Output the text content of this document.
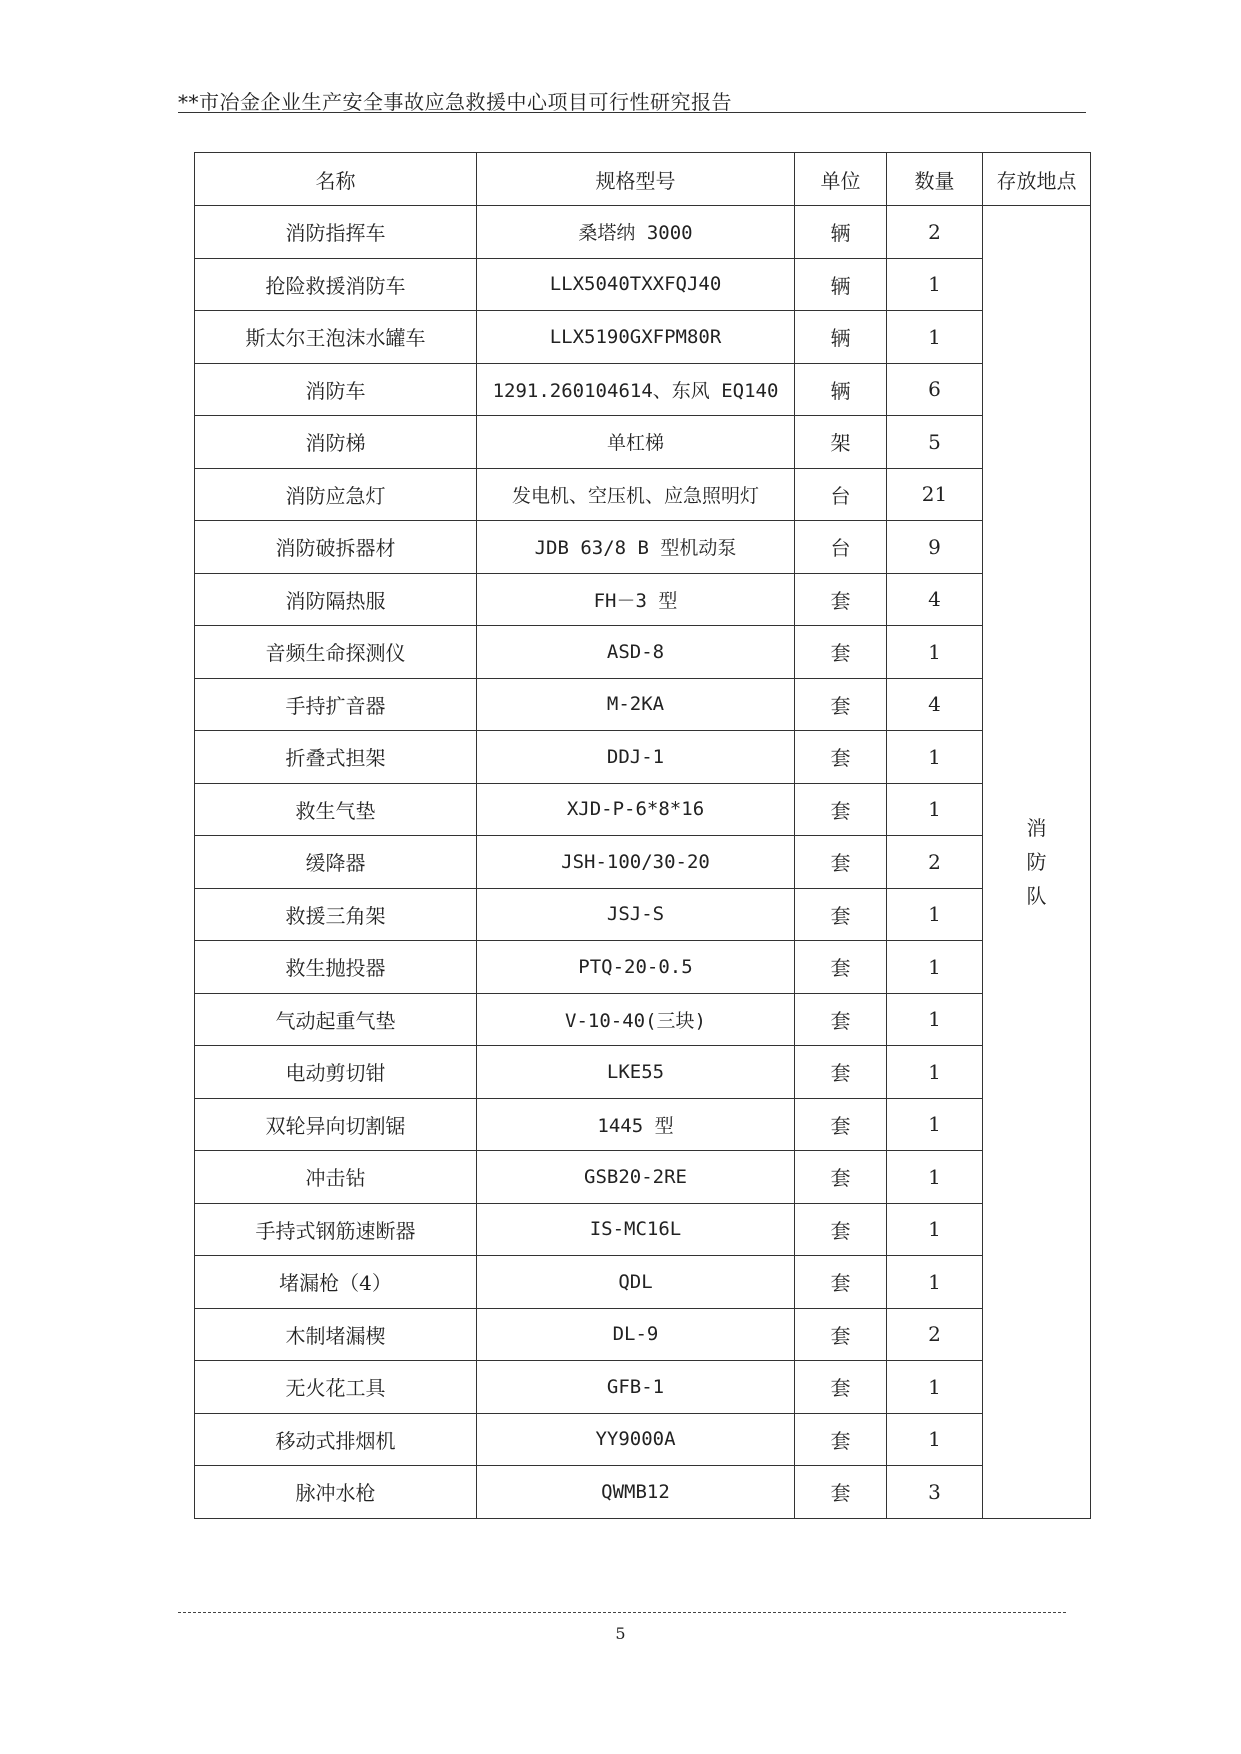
**市冶金企业生产安全事故应急救援中心项目可行性研究报告
名称	规格型号	单位	数量	存放地点
消防指挥车	桑塔纳 3000	辆	2	消防队
抢险救援消防车	LLX5040TXXFQJ40	辆	1	
斯太尔王泡沫水罐车	LLX5190GXFPM80R	辆	1	
消防车	1291.260104614、东风 EQ140	辆	6	
消防梯	单杠梯	架	5	
消防应急灯	发电机、空压机、应急照明灯	台	21	
消防破拆器材	JDB 63/8 B 型机动泵	台	9	
消防隔热服	FH－3 型	套	4	
音频生命探测仪	ASD-8	套	1	
手持扩音器	M-2KA	套	4	
折叠式担架	DDJ-1	套	1	
救生气垫	XJD-P-6*8*16	套	1	
缓降器	JSH-100/30-20	套	2	
救援三角架	JSJ-S	套	1	
救生抛投器	PTQ-20-0.5	套	1	
气动起重气垫	V-10-40(三块)	套	1	
电动剪切钳	LKE55	套	1	
双轮异向切割锯	1445 型	套	1	
冲击钻	GSB20-2RE	套	1	
手持式钢筋速断器	IS-MC16L	套	1	
堵漏枪（4）	QDL	套	1	
木制堵漏楔	DL-9	套	2	
无火花工具	GFB-1	套	1	
移动式排烟机	YY9000A	套	1	
脉冲水枪	QWMB12	套	3	
5
